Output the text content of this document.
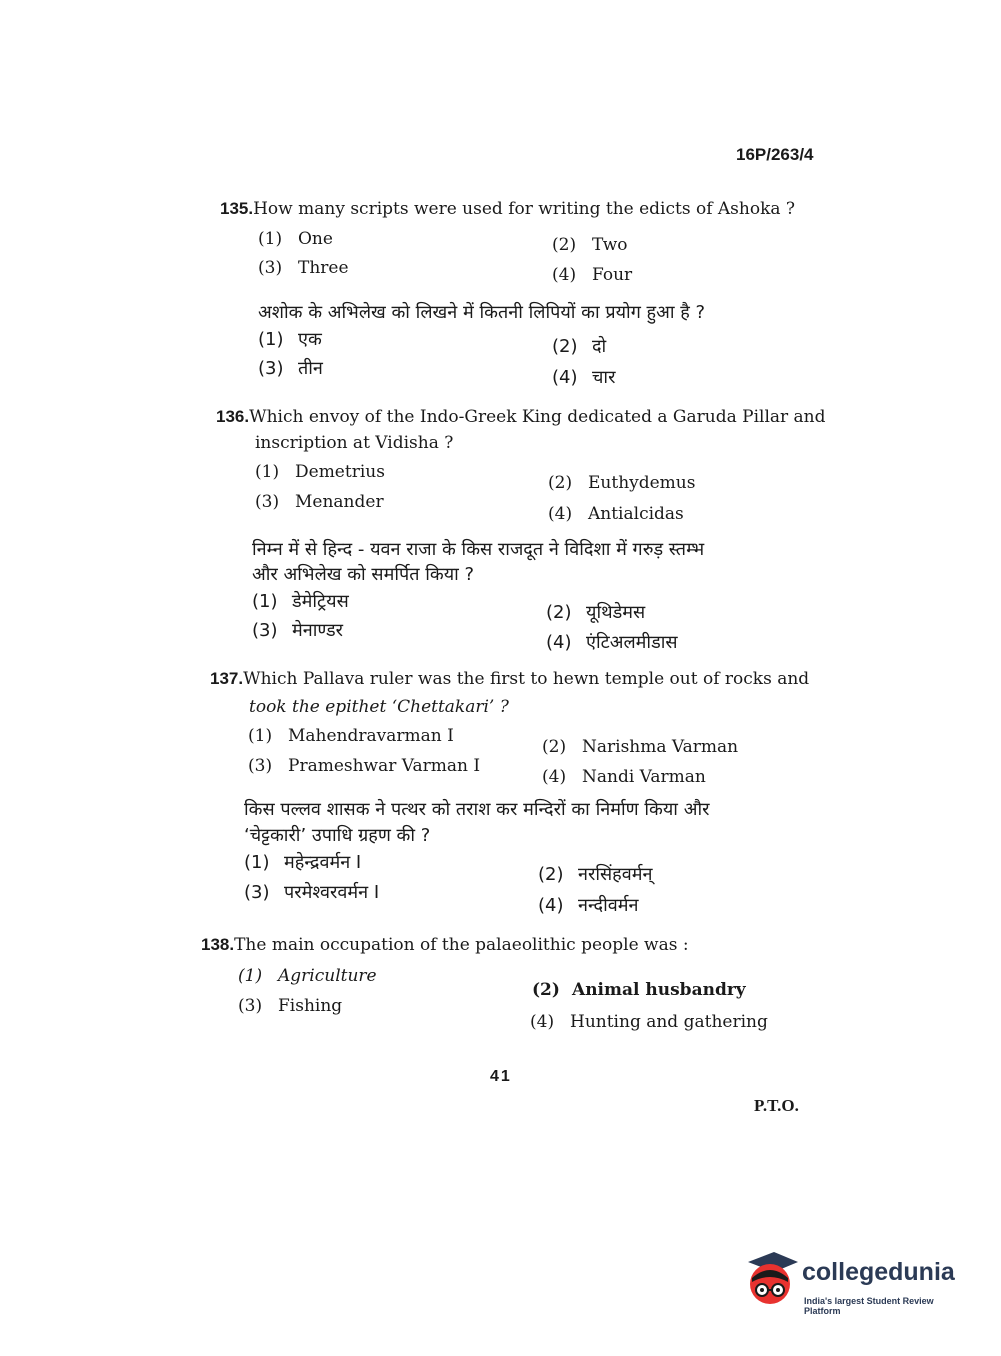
16P/263/4
135.How many scripts were used for writing the edicts of Ashoka ?
(1) One	(2) Two
(3) Three	(4) Four
अशोक के अभिलेख को लिखने में कितनी लिपियों का प्रयोग हुआ है ?
(1) एक	(2) दो
(3) तीन	(4) चार
136.Which envoy of the Indo-Greek King dedicated a Garuda Pillar and
inscription at Vidisha ?
(1) Demetrius
(2) Euthydemus
(3) Menander
(4) Antialcidas
निम्न में से हिन्द - यवन राजा के किस राजदूत ने विदिशा में गरुड़ स्तम्भ
और अभिलेख को समर्पित किया ?
(1) डेमेट्रियस
(2) यूथिडेमस
(3) मेनाण्डर
(4) एंटिअलमीडास
137.Which Pallava ruler was the first to hewn temple out of rocks and
took the epithet ‘Chettakari’ ?
(1) Mahendravarman I
(2) Narishma Varman
(3) Prameshwar Varman I
(4) Nandi Varman
किस पल्लव शासक ने पत्थर को तराश कर मन्दिरों का निर्माण किया और
‘चेट्टकारी’ उपाधि ग्रहण की ?
(1) महेन्द्रवर्मन I
(2) नरसिंहवर्मन्
(3) परमेश्वरवर्मन I
(4) नन्दीवर्मन
138.The main occupation of the palaeolithic people was :
(1) Agriculture
(2) Animal husbandry
(3) Fishing
(4) Hunting and gathering
41
P.T.O.
collegedunia
India's largest Student Review Platform
